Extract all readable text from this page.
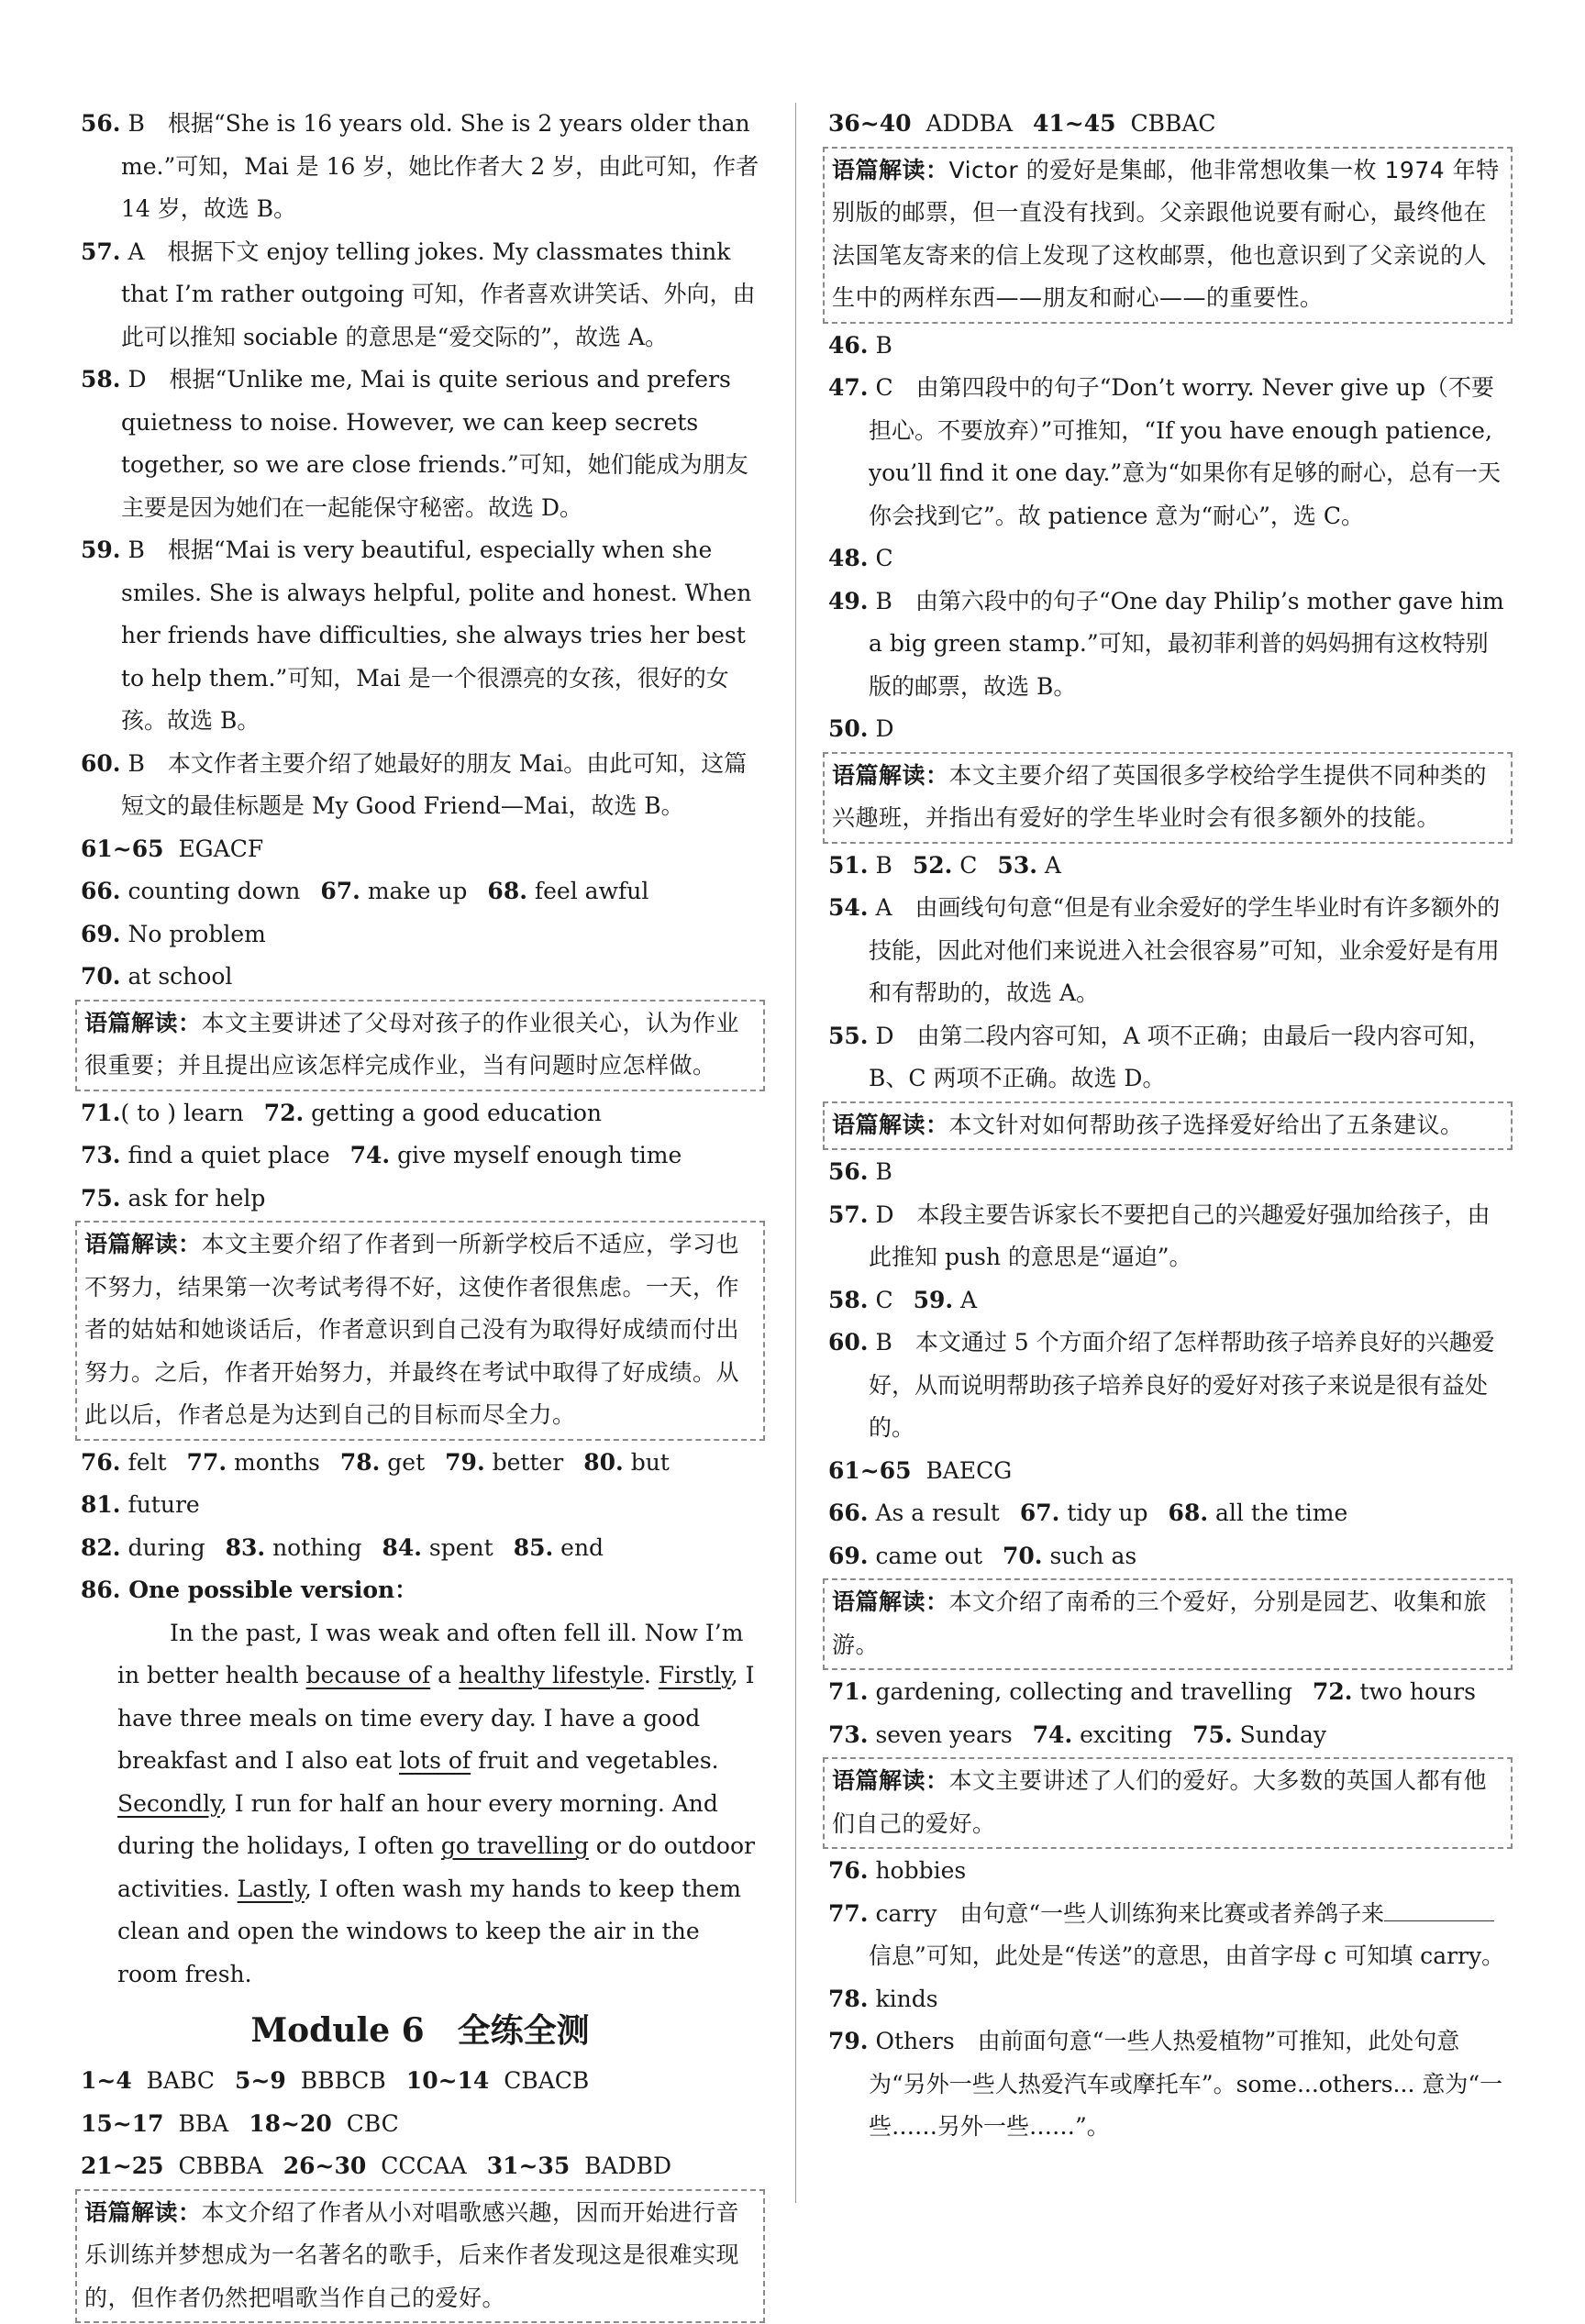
56. B　根据“She is 16 years old. She is 2 years older than me.”可知，Mai 是 16 岁，她比作者大 2 岁，由此可知，作者 14 岁，故选 B。

57. A　根据下文 enjoy telling jokes. My classmates think that I’m rather outgoing 可知，作者喜欢讲笑话、外向，由此可以推知 sociable 的意思是“爱交际的”，故选 A。

58. D　根据“Unlike me, Mai is quite serious and prefers quietness to noise. However, we can keep secrets together, so we are close friends.”可知，她们能成为朋友主要是因为她们在一起能保守秘密。故选 D。

59. B　根据“Mai is very beautiful, especially when she smiles. She is always helpful, polite and honest. When her friends have difficulties, she always tries her best to help them.”可知，Mai 是一个很漂亮的女孩，很好的女孩。故选 B。

60. B　本文作者主要介绍了她最好的朋友 Mai。由此可知，这篇短文的最佳标题是 My Good Friend—Mai，故选 B。

61~65 EGACF

66. counting down 67. make up 68. feel awful69. No problem

70. at school

语篇解读：本文主要讲述了父母对孩子的作业很关心，认为作业很重要；并且提出应该怎样完成作业，当有问题时应怎样做。

71.( to ) learn 72. getting a good education

73. find a quiet place 74. give myself enough time

75. ask for help

语篇解读：本文主要介绍了作者到一所新学校后不适应，学习也不努力，结果第一次考试考得不好，这使作者很焦虑。一天，作者的姑姑和她谈话后，作者意识到自己没有为取得好成绩而付出努力。之后，作者开始努力，并最终在考试中取得了好成绩。从此以后，作者总是为达到自己的目标而尽全力。

76. felt 77. months 78. get 79. better 80. but81. future

82. during 83. nothing 84. spent 85. end

86. One possible version：

In the past, I was weak and often fell ill. Now I’m in better health because of a healthy lifestyle. Firstly, I have three meals on time every day. I have a good breakfast and I also eat lots of fruit and vegetables. Secondly, I run for half an hour every morning. And during the holidays, I often go travelling or do outdoor activities. Lastly, I often wash my hands to keep them clean and open the windows to keep the air in the room fresh.

Module 6　全练全测

1~4 BABC 5~9 BBBCB 10~14 CBACB

15~17 BBA 18~20 CBC

21~25 CBBBA 26~30 CCCAA 31~35 BADBD

语篇解读：本文介绍了作者从小对唱歌感兴趣，因而开始进行音乐训练并梦想成为一名著名的歌手，后来作者发现这是很难实现的，但作者仍然把唱歌当作自己的爱好。

36~40 ADDBA 41~45 CBBAC

语篇解读：Victor 的爱好是集邮，他非常想收集一枚 1974 年特别版的邮票，但一直没有找到。父亲跟他说要有耐心，最终他在法国笔友寄来的信上发现了这枚邮票，他也意识到了父亲说的人生中的两样东西——朋友和耐心——的重要性。

46. B

47. C　由第四段中的句子“Don’t worry. Never give up（不要担心。不要放弃）”可推知，“If you have enough patience, you’ll find it one day.”意为“如果你有足够的耐心，总有一天你会找到它”。故 patience 意为“耐心”，选 C。

48. C

49. B　由第六段中的句子“One day Philip’s mother gave him a big green stamp.”可知，最初菲利普的妈妈拥有这枚特别版的邮票，故选 B。

50. D

语篇解读：本文主要介绍了英国很多学校给学生提供不同种类的兴趣班，并指出有爱好的学生毕业时会有很多额外的技能。

51. B 52. C 53. A

54. A　由画线句句意“但是有业余爱好的学生毕业时有许多额外的技能，因此对他们来说进入社会很容易”可知，业余爱好是有用和有帮助的，故选 A。

55. D　由第二段内容可知，A 项不正确；由最后一段内容可知，B、C 两项不正确。故选 D。

语篇解读：本文针对如何帮助孩子选择爱好给出了五条建议。

56. B

57. D　本段主要告诉家长不要把自己的兴趣爱好强加给孩子，由此推知 push 的意思是“逼迫”。

58. C 59. A

60. B　本文通过 5 个方面介绍了怎样帮助孩子培养良好的兴趣爱好，从而说明帮助孩子培养良好的爱好对孩子来说是很有益处的。

61~65 BAECG

66. As a result 67. tidy up 68. all the time

69. came out 70. such as

语篇解读：本文介绍了南希的三个爱好，分别是园艺、收集和旅游。

71. gardening, collecting and travelling 72. two hours

73. seven years 74. exciting 75. Sunday

语篇解读：本文主要讲述了人们的爱好。大多数的英国人都有他们自己的爱好。

76. hobbies

77. carry　由句意“一些人训练狗来比赛或者养鸽子来信息”可知，此处是“传送”的意思，由首字母 c 可知填 carry。

78. kinds

79. Others　由前面句意“一些人热爱植物”可推知，此处句意为“另外一些人热爱汽车或摩托车”。some...others... 意为“一些……另外一些……”。
